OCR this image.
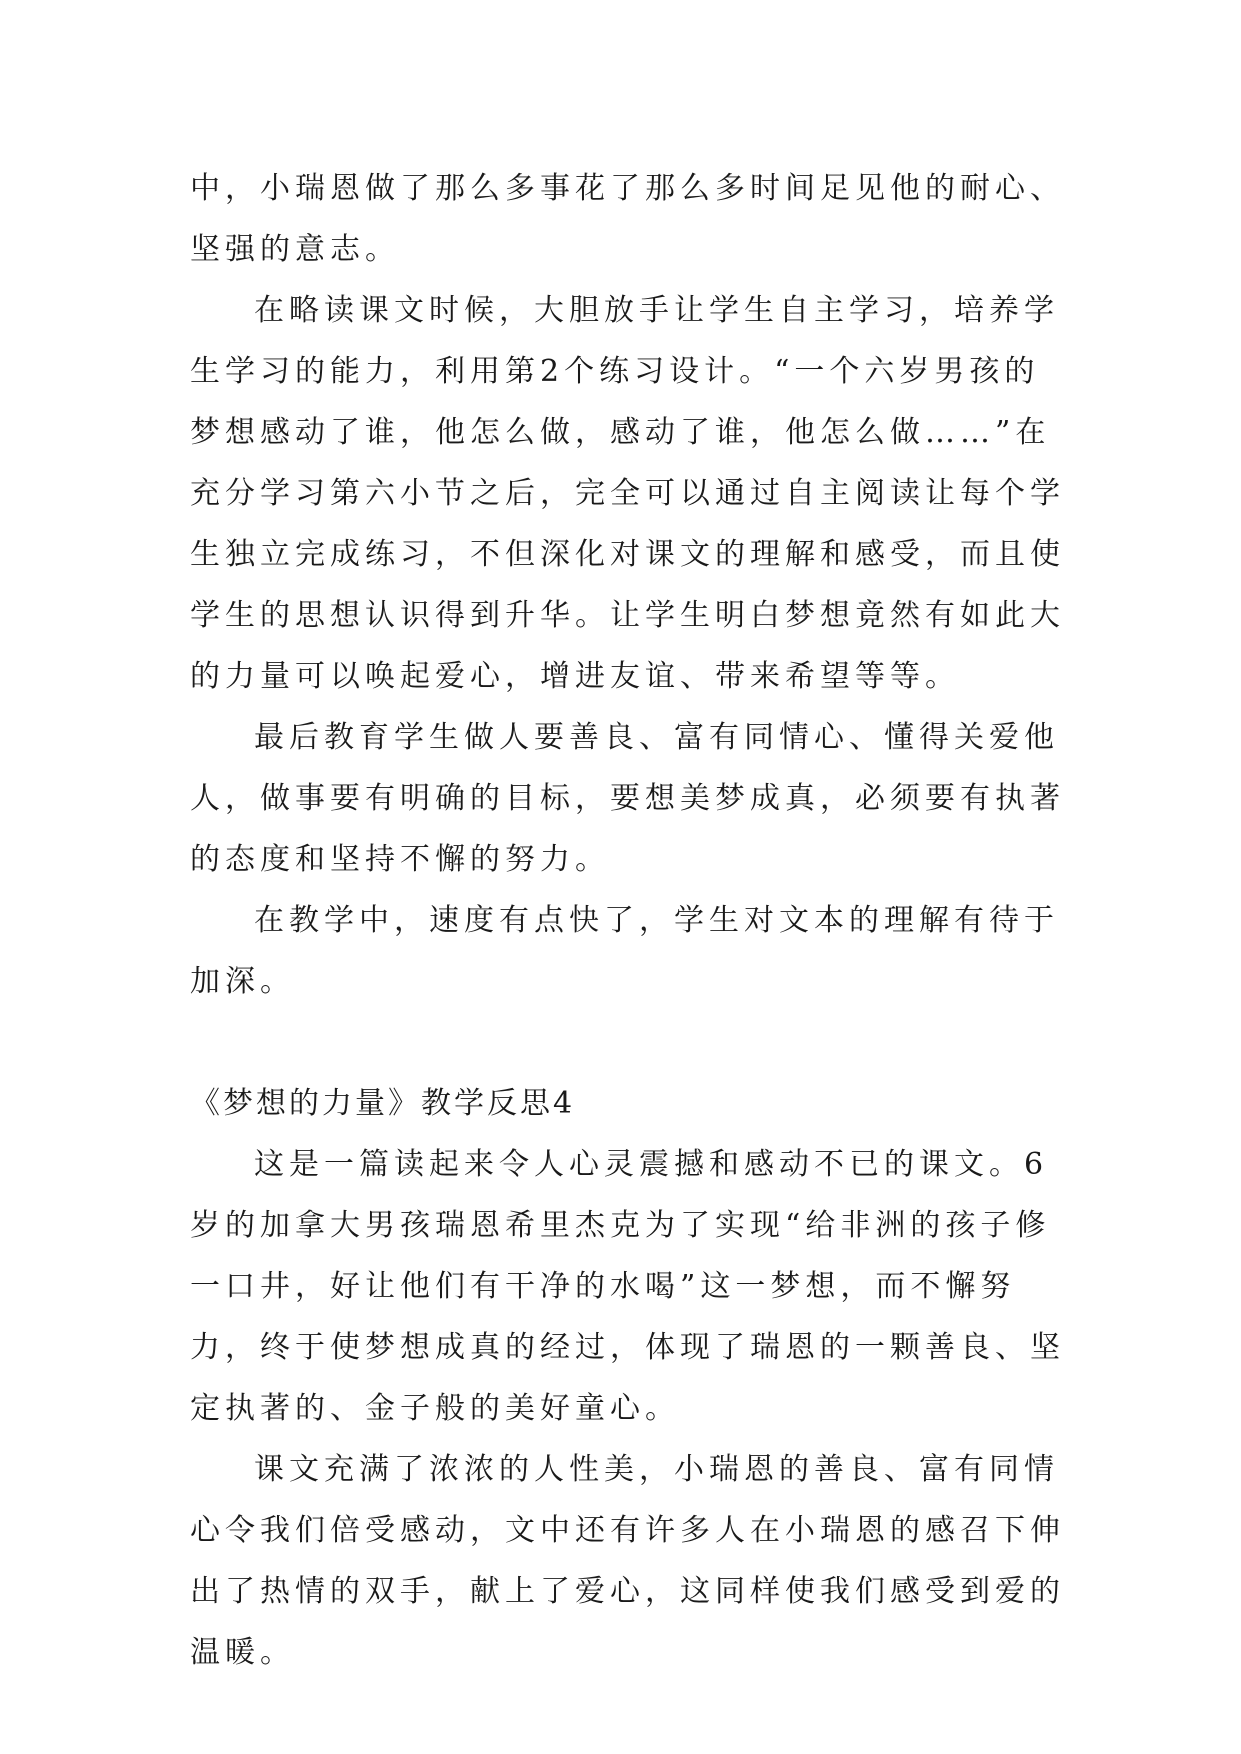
中，小瑞恩做了那么多事花了那么多时间足见他的耐心、坚强的意志。

在略读课文时候，大胆放手让学生自主学习，培养学生学习的能力，利用第2个练习设计。“一个六岁男孩的梦想感动了谁，他怎么做，感动了谁，他怎么做……”在充分学习第六小节之后，完全可以通过自主阅读让每个学生独立完成练习，不但深化对课文的理解和感受，而且使学生的思想认识得到升华。让学生明白梦想竟然有如此大的力量可以唤起爱心，增进友谊、带来希望等等。

最后教育学生做人要善良、富有同情心、懂得关爱他人，做事要有明确的目标，要想美梦成真，必须要有执著的态度和坚持不懈的努力。

在教学中，速度有点快了，学生对文本的理解有待于加深。

《梦想的力量》教学反思4

这是一篇读起来令人心灵震撼和感动不已的课文。6岁的加拿大男孩瑞恩希里杰克为了实现“给非洲的孩子修一口井，好让他们有干净的水喝”这一梦想，而不懈努力，终于使梦想成真的经过，体现了瑞恩的一颗善良、坚定执著的、金子般的美好童心。

课文充满了浓浓的人性美，小瑞恩的善良、富有同情心令我们倍受感动，文中还有许多人在小瑞恩的感召下伸出了热情的双手，献上了爱心，这同样使我们感受到爱的温暖。
